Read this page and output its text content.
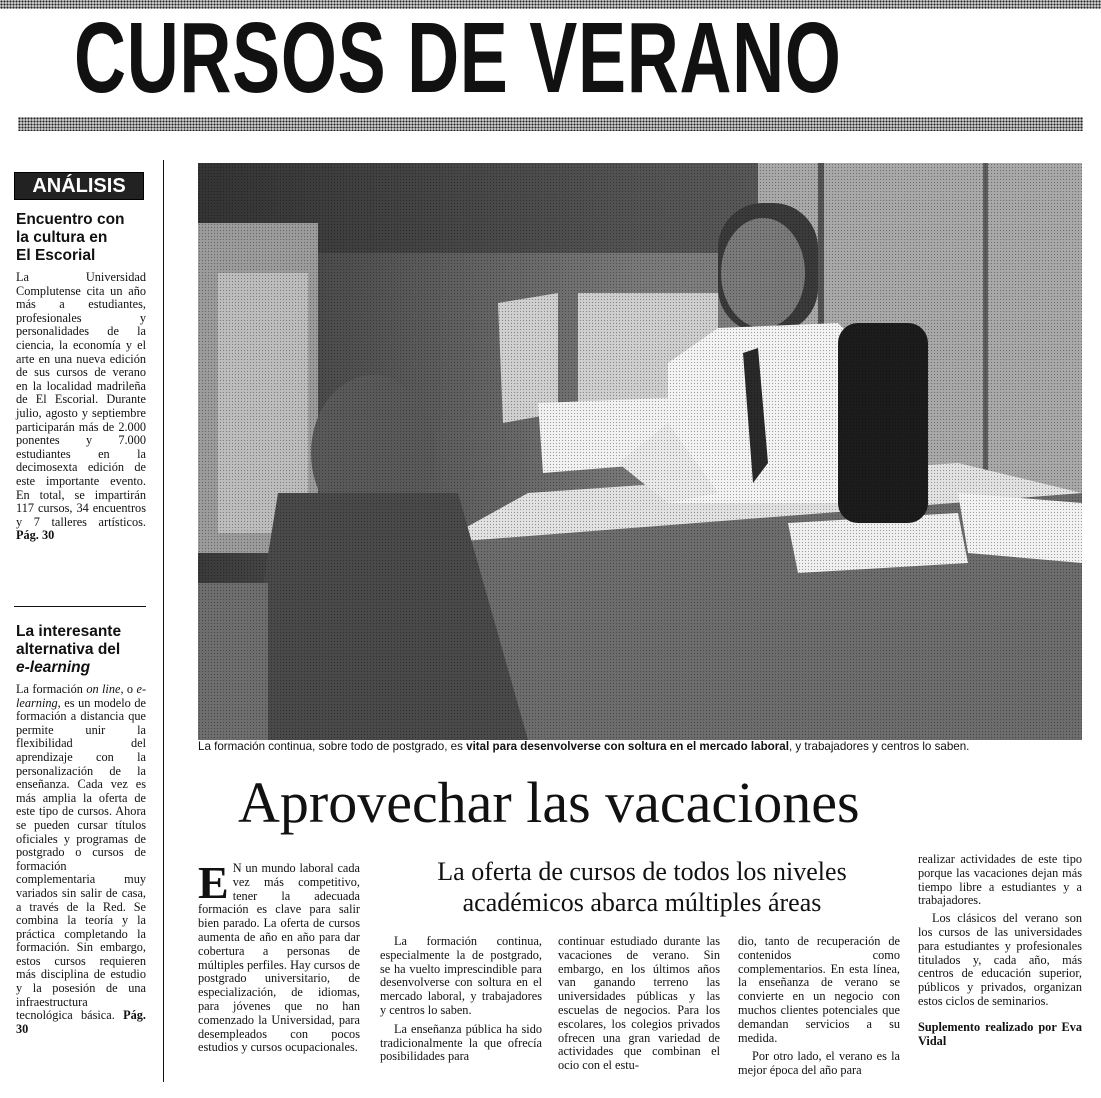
CURSOS DE VERANO
ANÁLISIS
Encuentro con
la cultura en
El Escorial
La Universidad Complutense cita un año más a estudiantes, profesionales y personalidades de la ciencia, la economía y el arte en una nueva edición de sus cursos de verano en la localidad madrileña de El Escorial. Durante julio, agosto y septiembre participarán más de 2.000 ponentes y 7.000 estudiantes en la decimosexta edición de este importante evento. En total, se impartirán 117 cursos, 34 encuentros y 7 talleres artísticos. Pág. 30
La interesante
alternativa del
e-learning
La formación on line, o e-learning, es un modelo de formación a distancia que permite unir la flexibilidad del aprendizaje con la personalización de la enseñanza. Cada vez es más amplia la oferta de este tipo de cursos. Ahora se pueden cursar títulos oficiales y programas de postgrado o cursos de formación complementaria muy variados sin salir de casa, a través de la Red. Se combina la teoría y la práctica completando la formación. Sin embargo, estos cursos requieren más disciplina de estudio y la posesión de una infraestructura tecnológica básica. Pág. 30
La formación continua, sobre todo de postgrado, es vital para desenvolverse con soltura en el mercado laboral, y trabajadores y centros lo saben.
Aprovechar las vacaciones
La oferta de cursos de todos los niveles académicos abarca múltiples áreas
E N un mundo laboral cada vez más competitivo, tener la adecuada formación es clave para salir bien parado. La oferta de cursos aumenta de año en año para dar cobertura a personas de múltiples perfiles. Hay cursos de postgrado universitario, de especialización, de idiomas, para jóvenes que no han comenzado la Universidad, para desempleados con pocos estudios y cursos ocupacionales.

La formación continua, especialmente la de postgrado, se ha vuelto imprescindible para desenvolverse con soltura en el mercado laboral, y trabajadores y centros lo saben.

La enseñanza pública ha sido tradicionalmente la que ofrecía posibilidades para

continuar estudiado durante las vacaciones de verano. Sin embargo, en los últimos años van ganando terreno las universidades públicas y las escuelas de negocios. Para los escolares, los colegios privados ofrecen una gran variedad de actividades que combinan el ocio con el estu-

dio, tanto de recuperación de contenidos como complementarios. En esta línea, la enseñanza de verano se convierte en un negocio con muchos clientes potenciales que demandan servicios a su medida.

Por otro lado, el verano es la mejor época del año para

realizar actividades de este tipo porque las vacaciones dejan más tiempo libre a estudiantes y a trabajadores.

Los clásicos del verano son los cursos de las universidades para estudiantes y profesionales titulados y, cada año, más centros de educación superior, públicos y privados, organizan estos ciclos de seminarios.

Suplemento realizado por Eva Vidal
